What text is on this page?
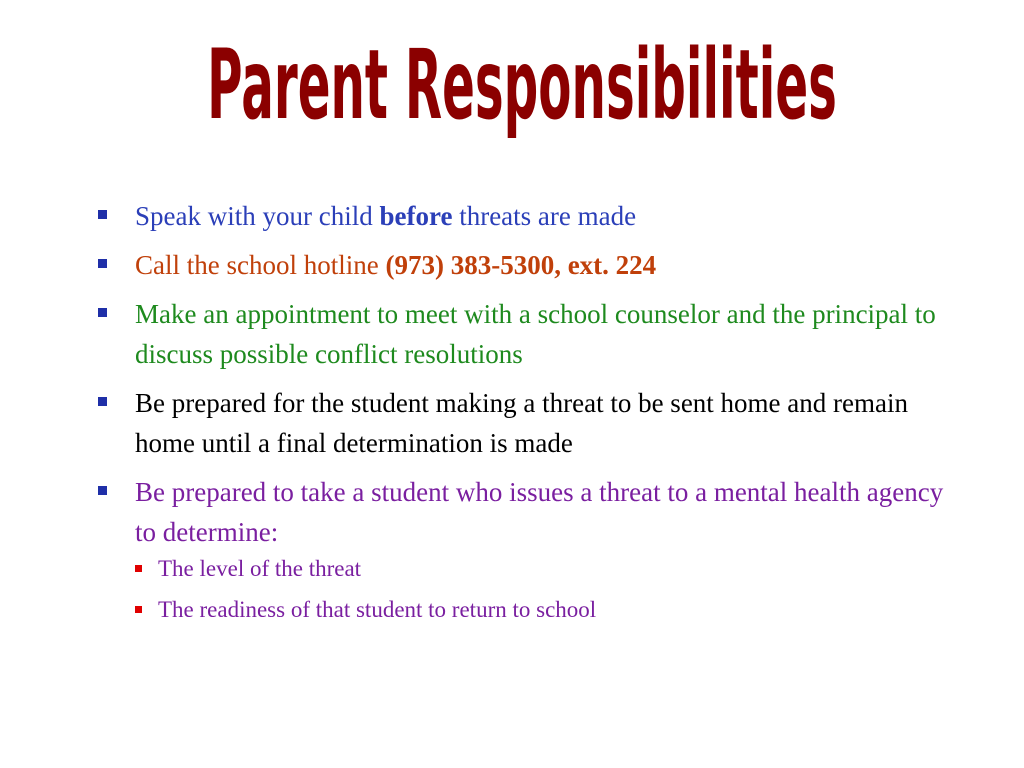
Parent Responsibilities
Speak with your child before threats are made
Call the school hotline (973) 383-5300, ext. 224
Make an appointment to meet with a school counselor and the principal to discuss possible conflict resolutions
Be prepared for the student making a threat to be sent home and remain home until a final determination is made
Be prepared to take a student who issues a threat to a mental health agency to determine:
The level of the threat
The readiness of that student to return to school
